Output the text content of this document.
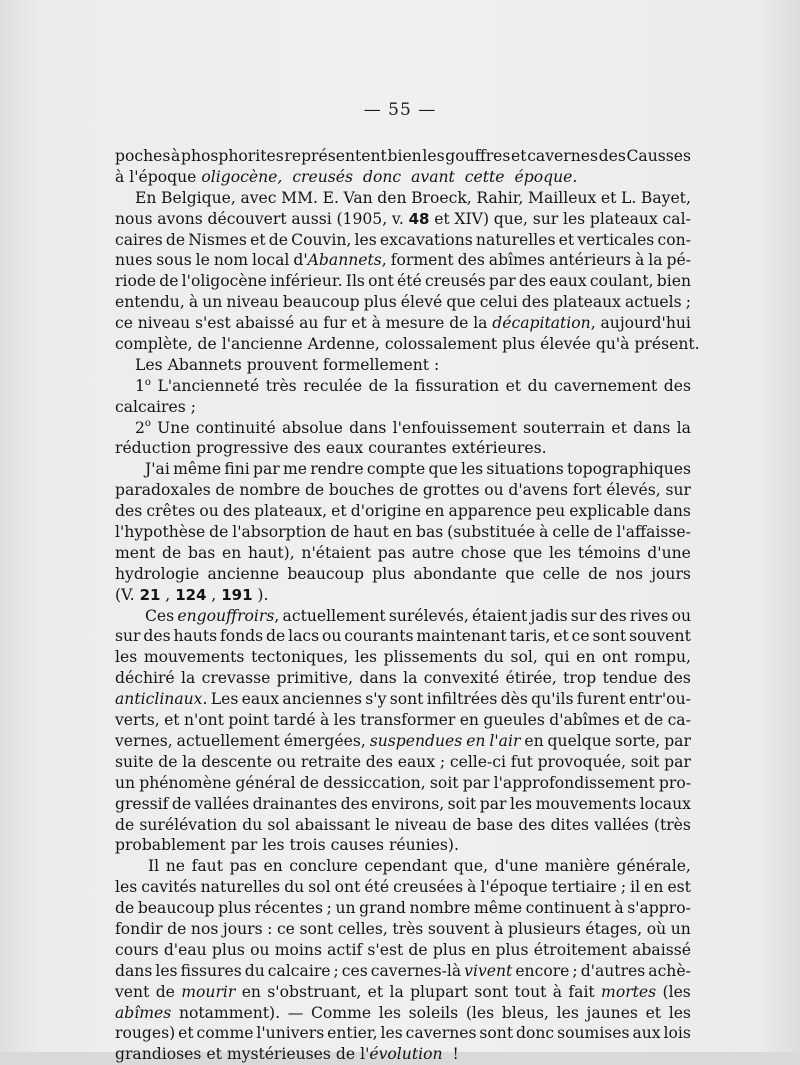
— 55 —
poches à phosphorites représentent bien les gouffres et cavernes des Causses
à l'époque oligocène, creusés donc avant cette époque.
En Belgique, avec MM. E. Van den Broeck, Rahir, Mailleux et L. Bayet,
nous avons découvert aussi (1905, v. 48 et XIV) que, sur les plateaux cal-
caires de Nismes et de Couvin, les excavations naturelles et verticales con-
nues sous le nom local d'Abannets, forment des abîmes antérieurs à la pé-
riode de l'oligocène inférieur. Ils ont été creusés par des eaux coulant, bien
entendu, à un niveau beaucoup plus élevé que celui des plateaux actuels ;
ce niveau s'est abaissé au fur et à mesure de la décapitation, aujourd'hui
complète, de l'ancienne Ardenne, colossalement plus élevée qu'à présent.
Les Abannets prouvent formellement :
1o L'ancienneté très reculée de la fissuration et du cavernement des
calcaires ;
2o Une continuité absolue dans l'enfouissement souterrain et dans la
réduction progressive des eaux courantes extérieures.
J'ai même fini par me rendre compte que les situations topographiques
paradoxales de nombre de bouches de grottes ou d'avens fort élevés, sur
des crêtes ou des plateaux, et d'origine en apparence peu explicable dans
l'hypothèse de l'absorption de haut en bas (substituée à celle de l'affaisse-
ment de bas en haut), n'étaient pas autre chose que les témoins d'une
hydrologie ancienne beaucoup plus abondante que celle de nos jours
(V. 21 , 124 , 191 ).
Ces engouffroirs, actuellement surélevés, étaient jadis sur des rives ou
sur des hauts fonds de lacs ou courants maintenant taris, et ce sont souvent
les mouvements tectoniques, les plissements du sol, qui en ont rompu,
déchiré la crevasse primitive, dans la convexité étirée, trop tendue des
anticlinaux. Les eaux anciennes s'y sont infiltrées dès qu'ils furent entr'ou-
verts, et n'ont point tardé à les transformer en gueules d'abîmes et de ca-
vernes, actuellement émergées, suspendues en l'air en quelque sorte, par
suite de la descente ou retraite des eaux ; celle-ci fut provoquée, soit par
un phénomène général de dessiccation, soit par l'approfondissement pro-
gressif de vallées drainantes des environs, soit par les mouvements locaux
de surélévation du sol abaissant le niveau de base des dites vallées (très
probablement par les trois causes réunies).
Il ne faut pas en conclure cependant que, d'une manière générale,
les cavités naturelles du sol ont été creusées à l'époque tertiaire ; il en est
de beaucoup plus récentes ; un grand nombre même continuent à s'appro-
fondir de nos jours : ce sont celles, très souvent à plusieurs étages, où un
cours d'eau plus ou moins actif s'est de plus en plus étroitement abaissé
dans les fissures du calcaire ; ces cavernes-là vivent encore ; d'autres achè-
vent de mourir en s'obstruant, et la plupart sont tout à fait mortes (les
abîmes notamment). — Comme les soleils (les bleus, les jaunes et les
rouges) et comme l'univers entier, les cavernes sont donc soumises aux lois
grandioses et mystérieuses de l'évolution !
